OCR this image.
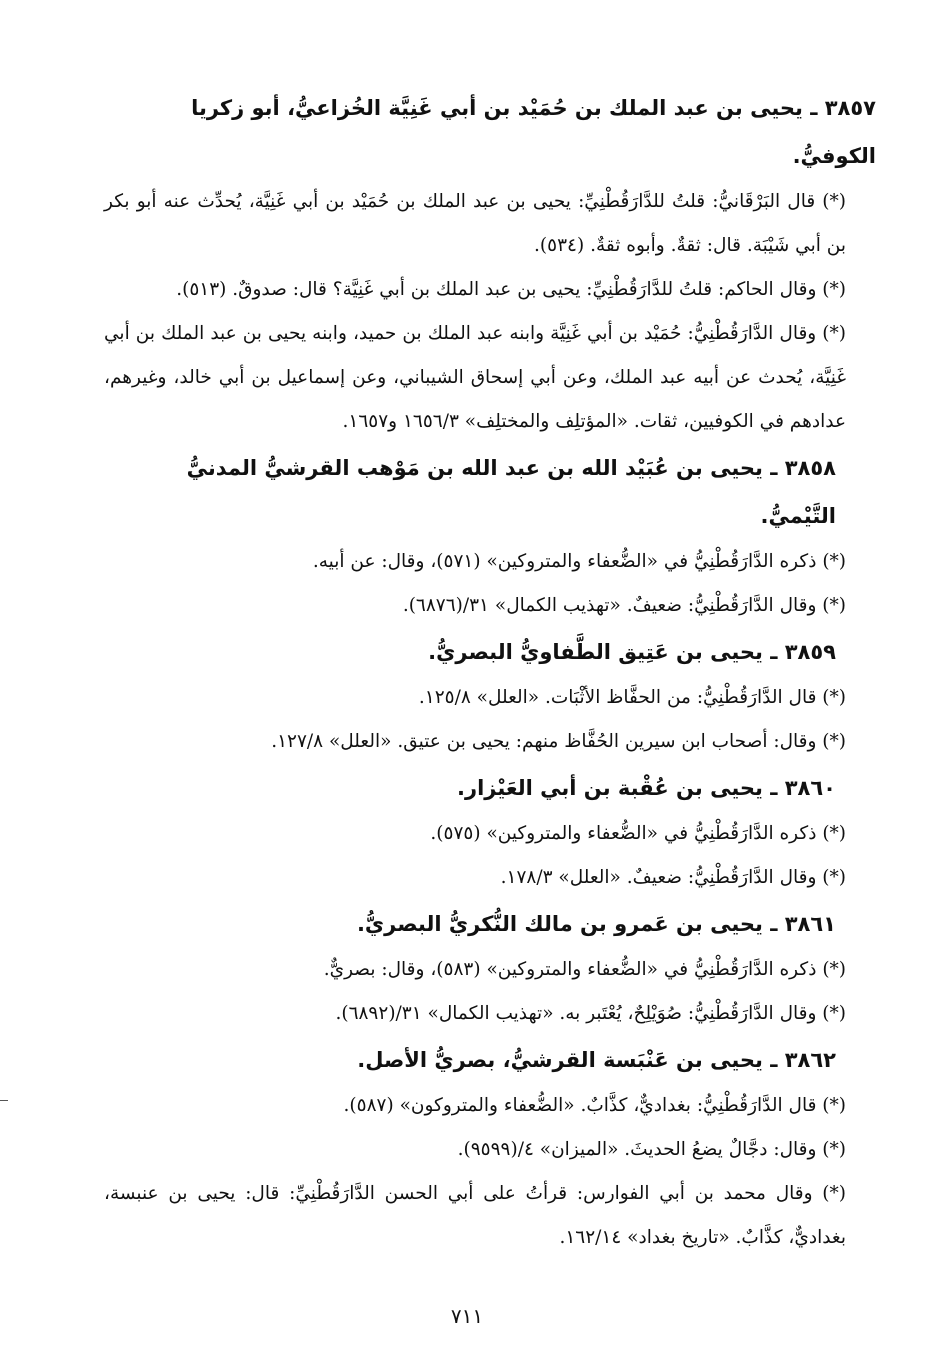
٣٨٥٧ ـ يحيى بن عبد الملك بن حُمَيْد بن أبي غَنِيَّة الخُزاعيُّ، أبو زكريا الكوفيُّ.

(*) قال البَرْقَانيُّ: قلتُ للدَّارَقُطْنِيِّ: يحيى بن عبد الملك بن حُمَيْد بن أبي غَنِيَّة، يُحدِّث عنه أبو بكر بن أبي شَيْبَة. قال: ثقةٌ. وأبوه ثقةٌ. (٥٣٤).

(*) وقال الحاكم: قلتُ للدَّارَقُطْنِيِّ: يحيى بن عبد الملك بن أبي غَنِيَّة؟ قال: صدوقٌ. (٥١٣).

(*) وقال الدَّارَقُطْنِيُّ: حُمَيْد بن أبي غَنِيَّة وابنه عبد الملك بن حميد، وابنه يحيى بن عبد الملك بن أبي غَنِيَّة، يُحدث عن أبيه عبد الملك، وعن أبي إسحاق الشيباني، وعن إسماعيل بن أبي خالد، وغيرهم، عدادهم في الكوفيين، ثقات. «المؤتلِف والمختلِف» ١٦٥٦/٣ و١٦٥٧.

٣٨٥٨ ـ يحيى بن عُبَيْد الله بن عبد الله بن مَوْهب القرشيُّ المدنيُّ التَّيْميُّ.

(*) ذكره الدَّارَقُطْنِيُّ في «الضُّعفاء والمتروكين» (٥٧١)، وقال: عن أبيه.

(*) وقال الدَّارَقُطْنِيُّ: ضعيفٌ. «تهذيب الكمال» ٣١/(٦٨٧٦).

٣٨٥٩ ـ يحيى بن عَتِيق الطَّفاويُّ البصريُّ.

(*) قال الدَّارَقُطْنِيُّ: من الحفَّاظ الأثْبَات. «العلل» ١٢٥/٨.

(*) وقال: أصحاب ابن سيرين الحُفَّاظ منهم: يحيى بن عتيق. «العلل» ١٢٧/٨.

٣٨٦٠ ـ يحيى بن عُقْبة بن أبي العَيْزار.

(*) ذكره الدَّارَقُطْنِيُّ في «الضُّعفاء والمتروكين» (٥٧٥).

(*) وقال الدَّارَقُطْنِيُّ: ضعيفٌ. «العلل» ١٧٨/٣.

٣٨٦١ ـ يحيى بن عَمرو بن مالك النُّكريُّ البصريُّ.

(*) ذكره الدَّارَقُطْنِيُّ في «الضُّعفاء والمتروكين» (٥٨٣)، وقال: بصريٌّ.

(*) وقال الدَّارَقُطْنِيُّ: صُوَيْلِحٌ، يُعْتَبر به. «تهذيب الكمال» ٣١/(٦٨٩٢).

٣٨٦٢ ـ يحيى بن عَنْبَسة القرشيُّ، بصريُّ الأصل.

(*) قال الدَّارَقُطْنِيُّ: بغداديٌّ، كذَّابٌ. «الضُّعفاء والمتروكون» (٥٨٧).

(*) وقال: دجَّالٌ يضعُ الحديثَ. «الميزان» ٤/(٩٥٩٩).

(*) وقال محمد بن أبي الفوارس: قرأتُ على أبي الحسن الدَّارَقُطْنِيِّ: قال: يحيى بن عنبسة، بغداديٌّ، كذَّابٌ. «تاريخ بغداد» ١٦٢/١٤.

٧١١
